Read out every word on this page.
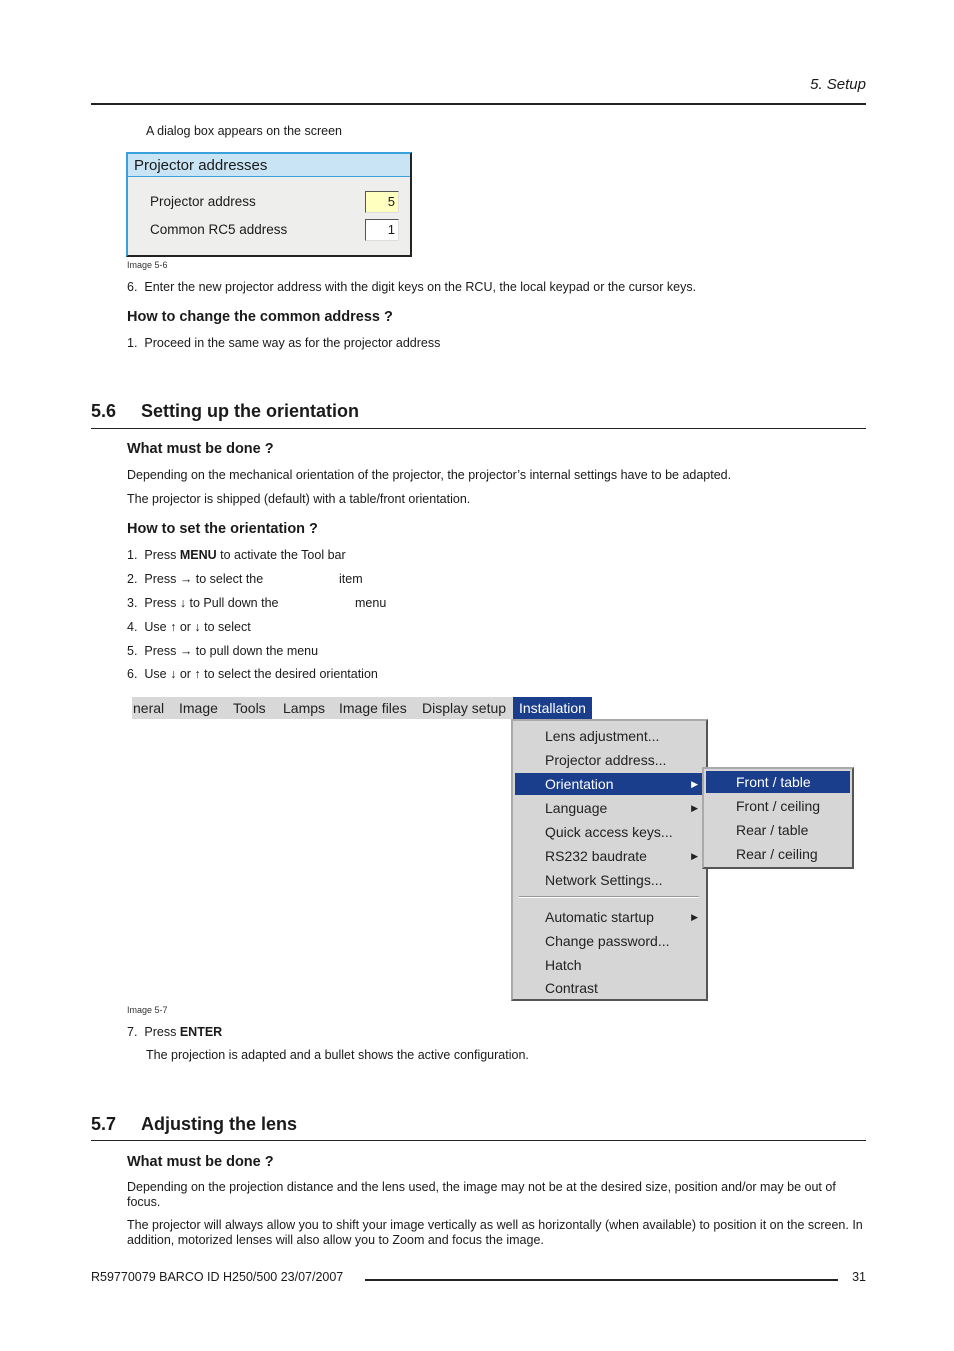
5. Setup
A dialog box appears on the screen
Projector addresses
Projector address	5
Common RC5 address	1
Image 5-6
6. Enter the new projector address with the digit keys on the RCU, the local keypad or the cursor keys.
How to change the common address ?
1. Proceed in the same way as for the projector address
5.6 Setting up the orientation
What must be done ?
Depending on the mechanical orientation of the projector, the projector’s internal settings have to be adapted.
The projector is shipped (default) with a table/front orientation.
How to set the orientation ?
1. Press MENU to activate the Tool bar
2. Press → to select the	item
3. Press ↓ to Pull down the	menu
4. Use ↑ or ↓ to select
5. Press → to pull down the menu
6. Use ↓ or ↑ to select the desired orientation
neral Image Tools Lamps Image files Display setup Installation
Lens adjustment...
Projector address...
Orientation	▶
Language	▶
Quick access keys...
RS232 baudrate	▶
Network Settings...
Automatic startup	▶
Change password...
Hatch
Contrast
Front / table
Front / ceiling
Rear / table
Rear / ceiling
Image 5-7
7. Press ENTER
The projection is adapted and a bullet shows the active configuration.
5.7 Adjusting the lens
What must be done ?
Depending on the projection distance and the lens used, the image may not be at the desired size, position and/or may be out of focus.
The projector will always allow you to shift your image vertically as well as horizontally (when available) to position it on the screen. In addition, motorized lenses will also allow you to Zoom and focus the image.
R59770079 BARCO ID H250/500 23/07/2007	31
